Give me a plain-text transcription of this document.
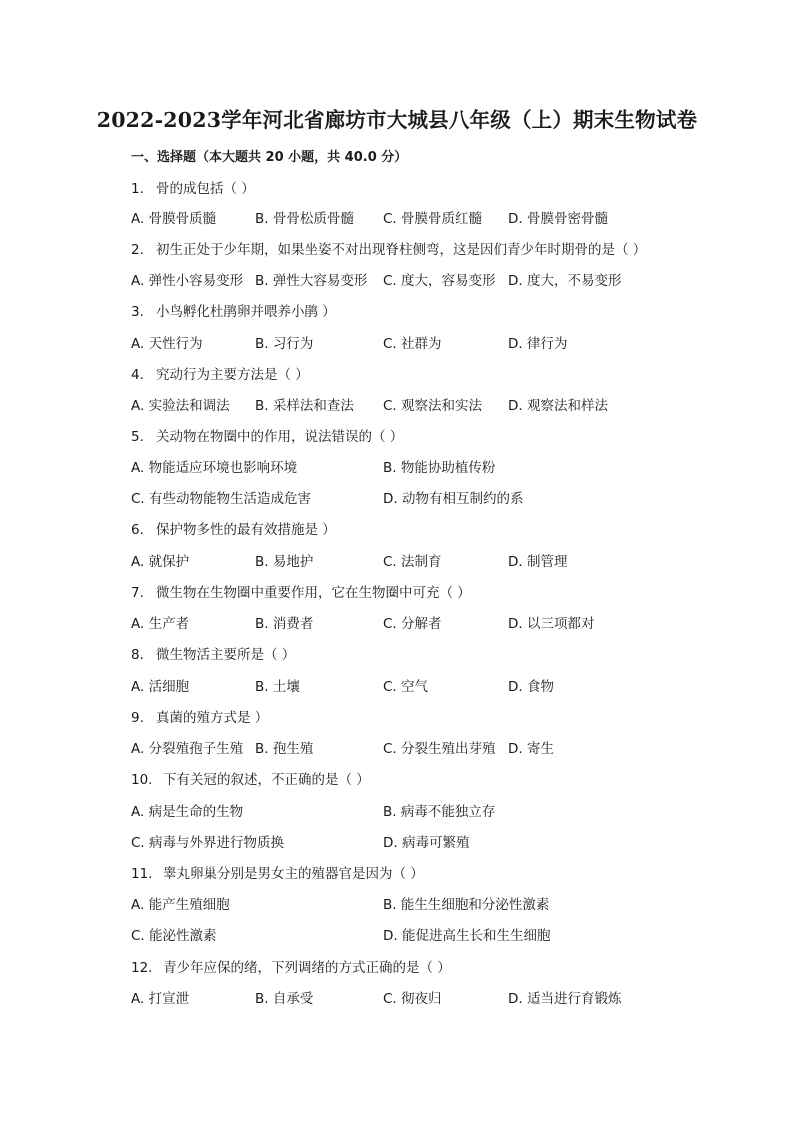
2022-2023学年河北省廊坊市大城县八年级（上）期末生物试卷
一、选择题（本大题共 20 小题，共 40.0 分）
1. 骨的成包括（ ）
A. 骨膜骨质髓	B. 骨骨松质骨髓 C. 骨膜骨质红髓 D. 骨膜骨密骨髓
2. 初生正处于少年期，如果坐姿不对出现脊柱侧弯，这是因们青少年时期骨的是（ ）
A. 弹性小容易变形 B. 弹性大容易变形 C. 度大，容易变形 D. 度大，不易变形
3. 小鸟孵化杜鹃卵并喂养小鹃 ）
A. 天性行为	B. 习行为	C. 社群为	D. 律行为
4. 究动行为主要方法是（ ）
A. 实验法和调法 B. 采样法和查法 C. 观察法和实法 D. 观察法和样法
5. 关动物在物圈中的作用，说法错误的（ ）
A. 物能适应环境也影响环境	B. 物能协助植传粉
C. 有些动物能物生活造成危害	D. 动物有相互制约的系
6. 保护物多性的最有效措施是 ）
A. 就保护	B. 易地护	C. 法制育	D. 制管理
7. 微生物在生物圈中重要作用，它在生物圈中可充（ ）
A. 生产者	B. 消费者	C. 分解者	D. 以三项都对
8. 微生物活主要所是（ ）
A. 活细胞	B. 土壤	C. 空气	D. 食物
9. 真菌的殖方式是 ）
A. 分裂殖孢子生殖 B. 孢生殖	C. 分裂生殖出芽殖 D. 寄生
10. 下有关冠的叙述，不正确的是（ ）
A. 病是生命的生物	B. 病毒不能独立存
C. 病毒与外界进行物质换	D. 病毒可繁殖
11. 睾丸卵巢分别是男女主的殖器官是因为（ ）
A. 能产生殖细胞	B. 能生生细胞和分泌性激素
C. 能泌性激素	D. 能促进高生长和生生细胞
12. 青少年应保的绪，下列调绪的方式正确的是（ ）
A. 打宣泄	B. 自承受	C. 彻夜归	D. 适当进行育锻炼
